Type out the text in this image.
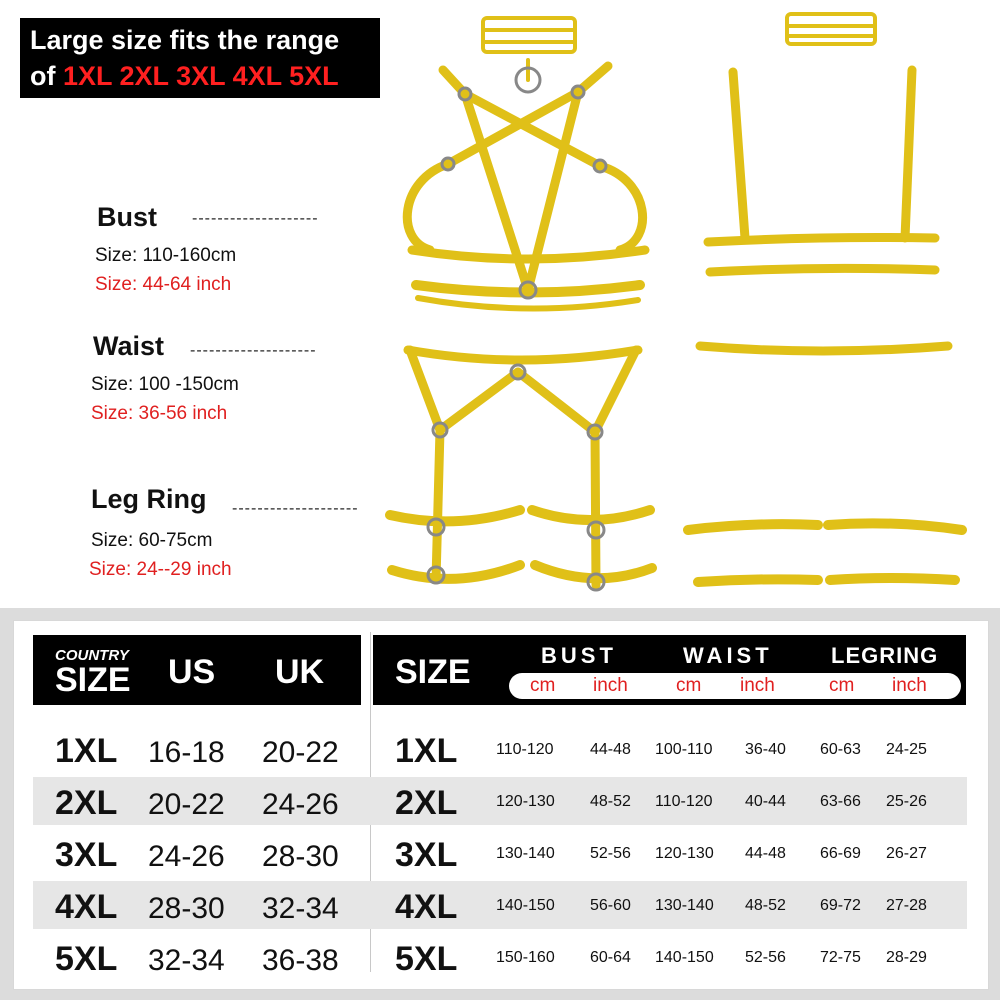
Large size fits the range
of 1XL 2XL 3XL 4XL 5XL
Bust --------------------
Size: 110-160cm
Size: 44-64 inch
Waist --------------------
Size: 100 -150cm
Size: 36-56 inch
Leg Ring --------------------
Size: 60-75cm
Size: 24--29 inch
COUNTRY
SIZE US UK SIZE	BUST	WAIST	LEGRING
cm inch	cm inch	cm inch
1XL 16-18 20-22 1XL 110-120 44-48 100-110 36-40 60-63 24-25
2XL 20-22 24-26 2XL 120-130 48-52 110-120 40-44 63-66 25-26
3XL 24-26 28-30 3XL 130-140 52-56 120-130 44-48 66-69 26-27
4XL 28-30 32-34 4XL 140-150 56-60 130-140 48-52 69-72 27-28
5XL 32-34 36-38 5XL 150-160 60-64 140-150 52-56 72-75 28-29
